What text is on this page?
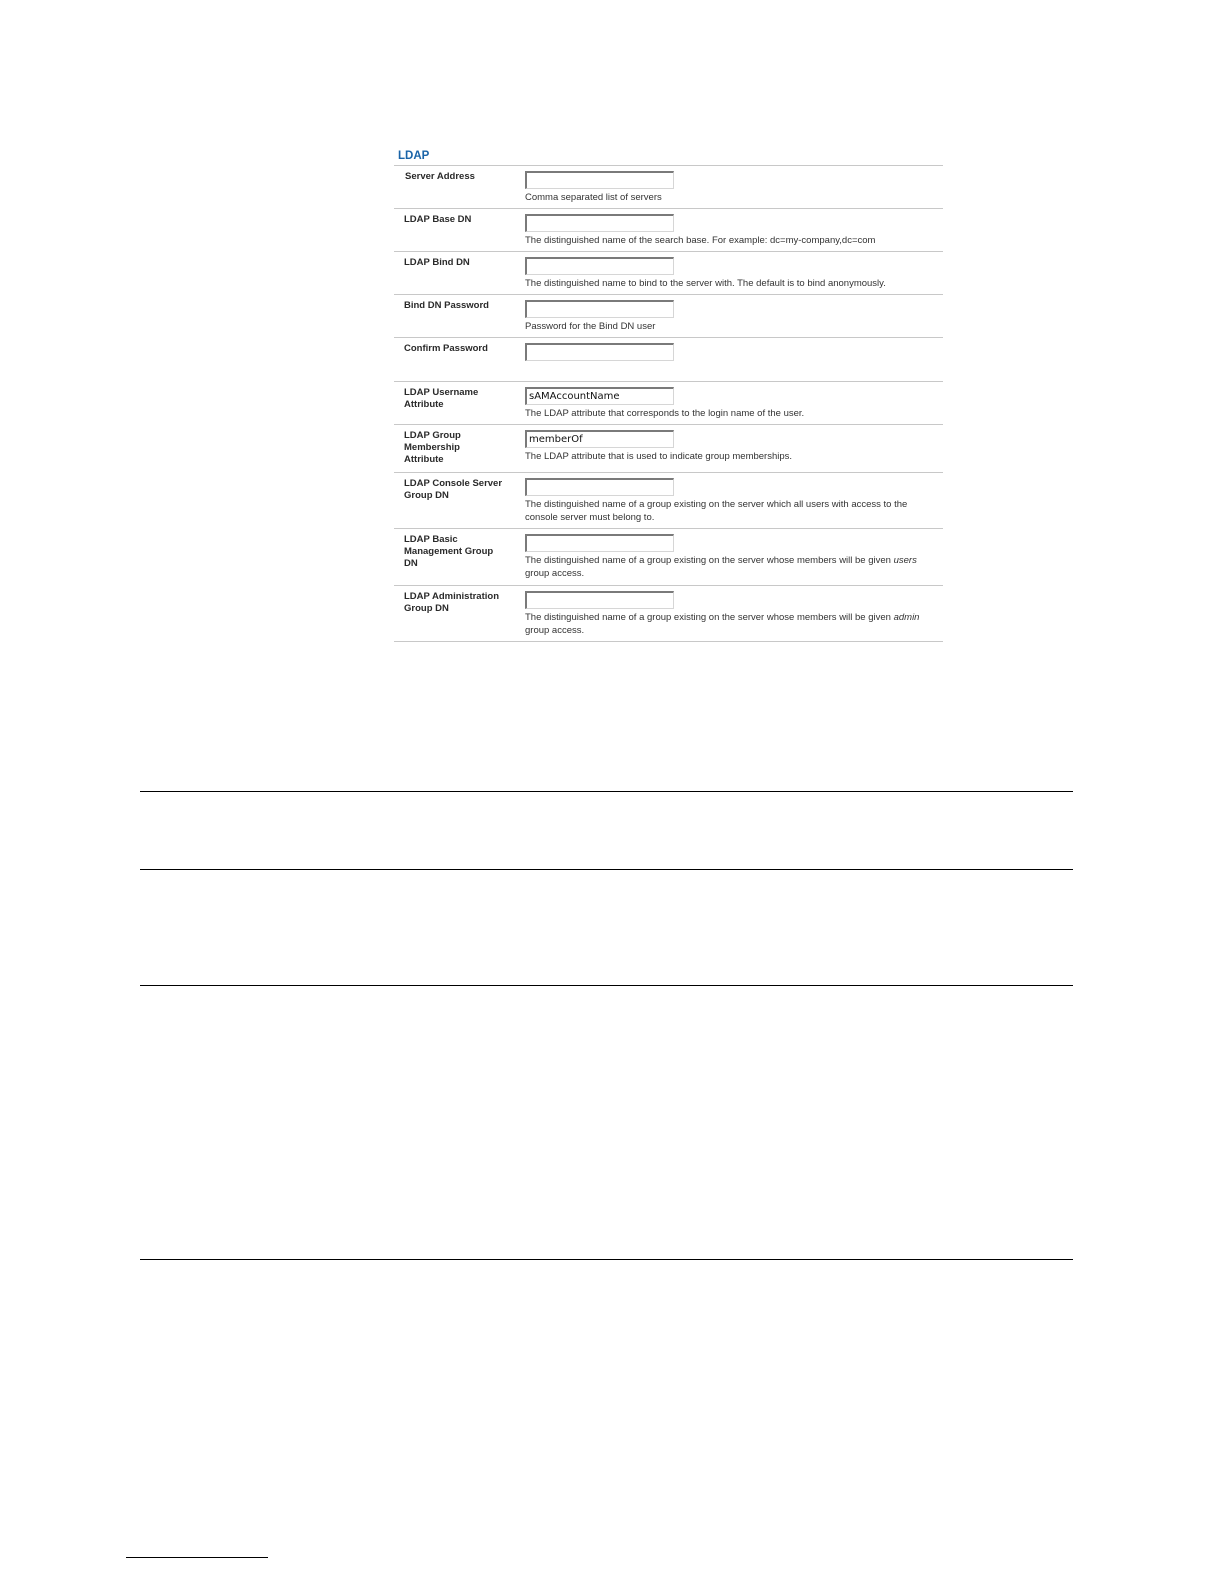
LDAP
Server Address
Comma separated list of servers
LDAP Base DN
The distinguished name of the search base. For example: dc=my-company,dc=com
LDAP Bind DN
The distinguished name to bind to the server with. The default is to bind anonymously.
Bind DN Password
Password for the Bind DN user
Confirm Password
LDAP Username Attribute
sAMAccountName
The LDAP attribute that corresponds to the login name of the user.
LDAP Group Membership Attribute
memberOf	The LDAP attribute that is used to indicate group memberships.
LDAP Console Server Group DN
The distinguished name of a group existing on the server which all users with access to the console server must belong to.
LDAP Basic Management Group DN	The distinguished name of a group existing on the server whose members will be given users group access.
LDAP Administration Group DN
The distinguished name of a group existing on the server whose members will be given admin group access.
